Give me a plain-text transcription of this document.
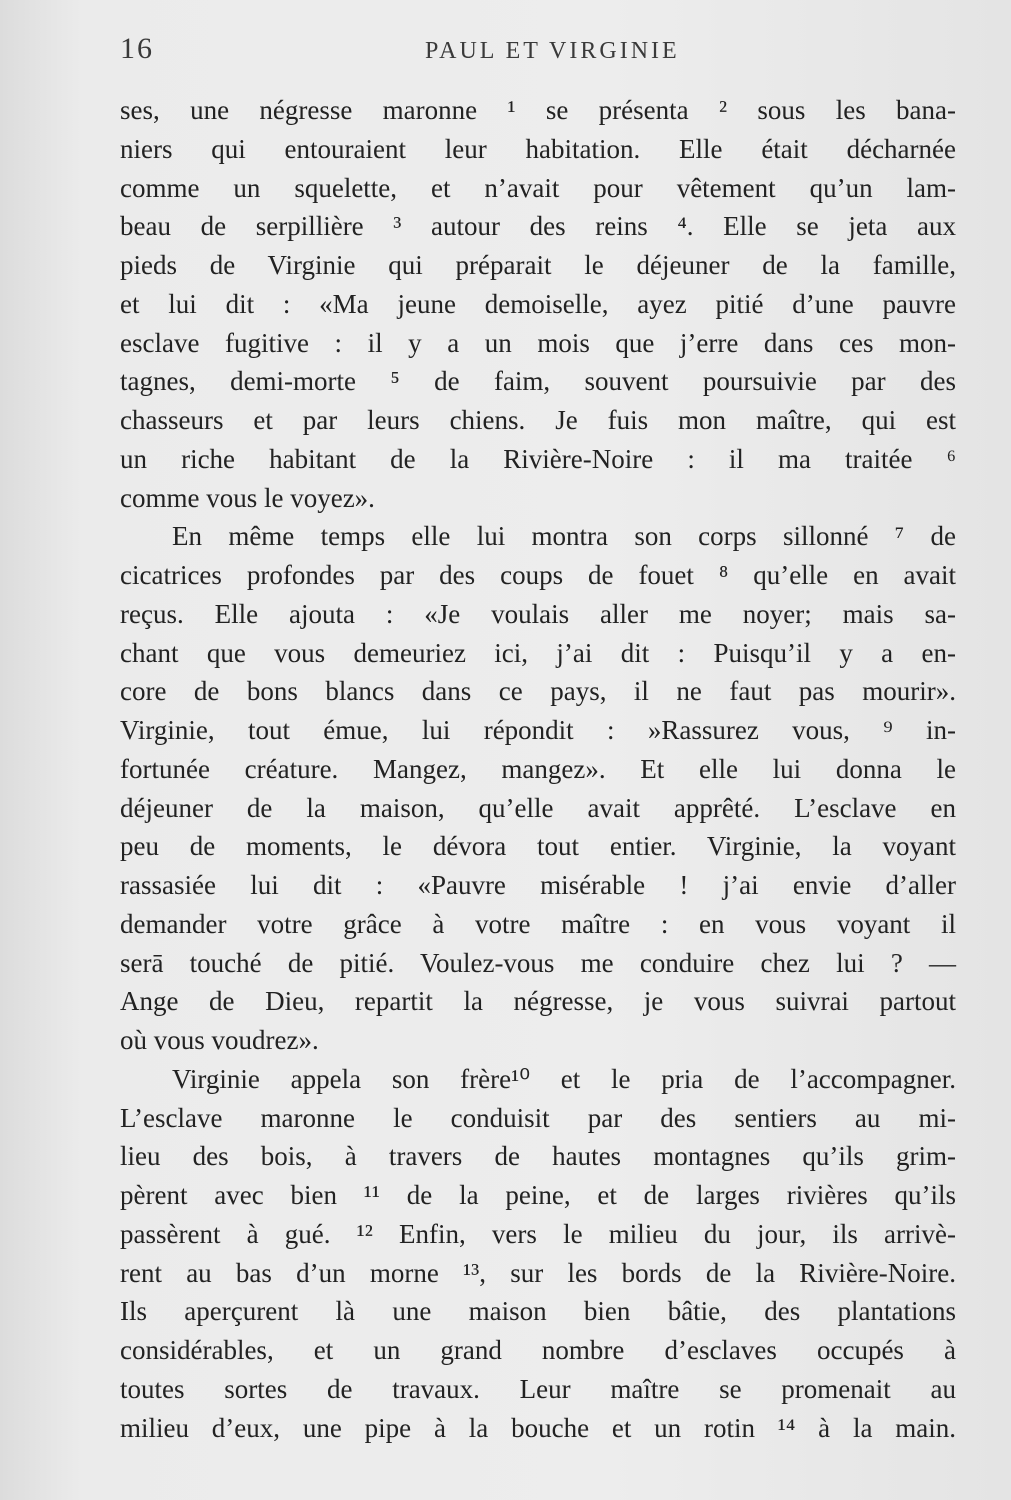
16	PAUL ET VIRGINIE
ses, une négresse maronne ¹ se présenta ² sous les bana-
niers qui entouraient leur habitation. Elle était décharnée
comme un squelette, et n’avait pour vêtement qu’un lam-
beau de serpillière ³ autour des reins ⁴. Elle se jeta aux
pieds de Virginie qui préparait le déjeuner de la famille,
et lui dit : «Ma jeune demoiselle, ayez pitié d’une pauvre
esclave fugitive : il y a un mois que j’erre dans ces mon-
tagnes, demi-morte ⁵ de faim, souvent poursuivie par des
chasseurs et par leurs chiens. Je fuis mon maître, qui est
un riche habitant de la Rivière-Noire : il ma traitée ⁶
comme vous le voyez».
En même temps elle lui montra son corps sillonné ⁷ de
cicatrices profondes par des coups de fouet ⁸ qu’elle en avait
reçus. Elle ajouta : «Je voulais aller me noyer; mais sa-
chant que vous demeuriez ici, j’ai dit : Puisqu’il y a en-
core de bons blancs dans ce pays, il ne faut pas mourir».
Virginie, tout émue, lui répondit : »Rassurez vous, ⁹ in-
fortunée créature. Mangez, mangez». Et elle lui donna le
déjeuner de la maison, qu’elle avait apprêté. L’esclave en
peu de moments, le dévora tout entier. Virginie, la voyant
rassasiée lui dit : «Pauvre misérable ! j’ai envie d’aller
demander votre grâce à votre maître : en vous voyant il
serā touché de pitié. Voulez-vous me conduire chez lui ? —
Ange de Dieu, repartit la négresse, je vous suivrai partout
où vous voudrez».
Virginie appela son frère¹⁰ et le pria de l’accompagner.
L’esclave maronne le conduisit par des sentiers au mi-
lieu des bois, à travers de hautes montagnes qu’ils grim-
pèrent avec bien ¹¹ de la peine, et de larges rivières qu’ils
passèrent à gué. ¹² Enfin, vers le milieu du jour, ils arrivè-
rent au bas d’un morne ¹³, sur les bords de la Rivière-Noire.
Ils aperçurent là une maison bien bâtie, des plantations
considérables, et un grand nombre d’esclaves occupés à
toutes sortes de travaux. Leur maître se promenait au
milieu d’eux, une pipe à la bouche et un rotin ¹⁴ à la main.
